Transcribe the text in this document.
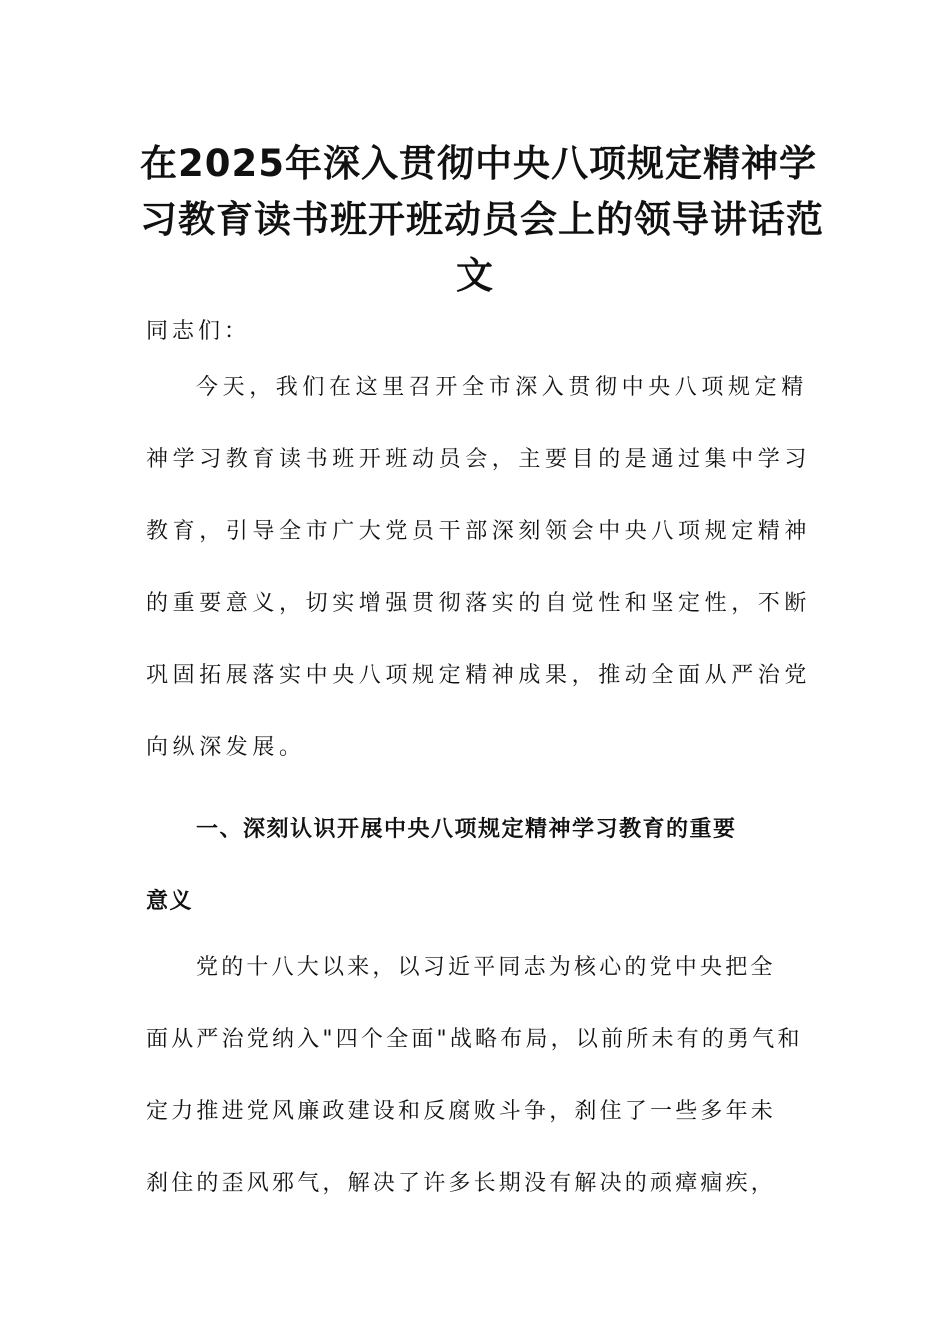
在2025年深入贯彻中央八项规定精神学
习教育读书班开班动员会上的领导讲话范
文

同志们：

今天，我们在这里召开全市深入贯彻中央八项规定精
神学习教育读书班开班动员会，主要目的是通过集中学习
教育，引导全市广大党员干部深刻领会中央八项规定精神
的重要意义，切实增强贯彻落实的自觉性和坚定性，不断
巩固拓展落实中央八项规定精神成果，推动全面从严治党
向纵深发展。

一、深刻认识开展中央八项规定精神学习教育的重要
意义

党的十八大以来，以习近平同志为核心的党中央把全
面从严治党纳入"四个全面"战略布局，以前所未有的勇气和
定力推进党风廉政建设和反腐败斗争，刹住了一些多年未
刹住的歪风邪气，解决了许多长期没有解决的顽瘴痼疾，
